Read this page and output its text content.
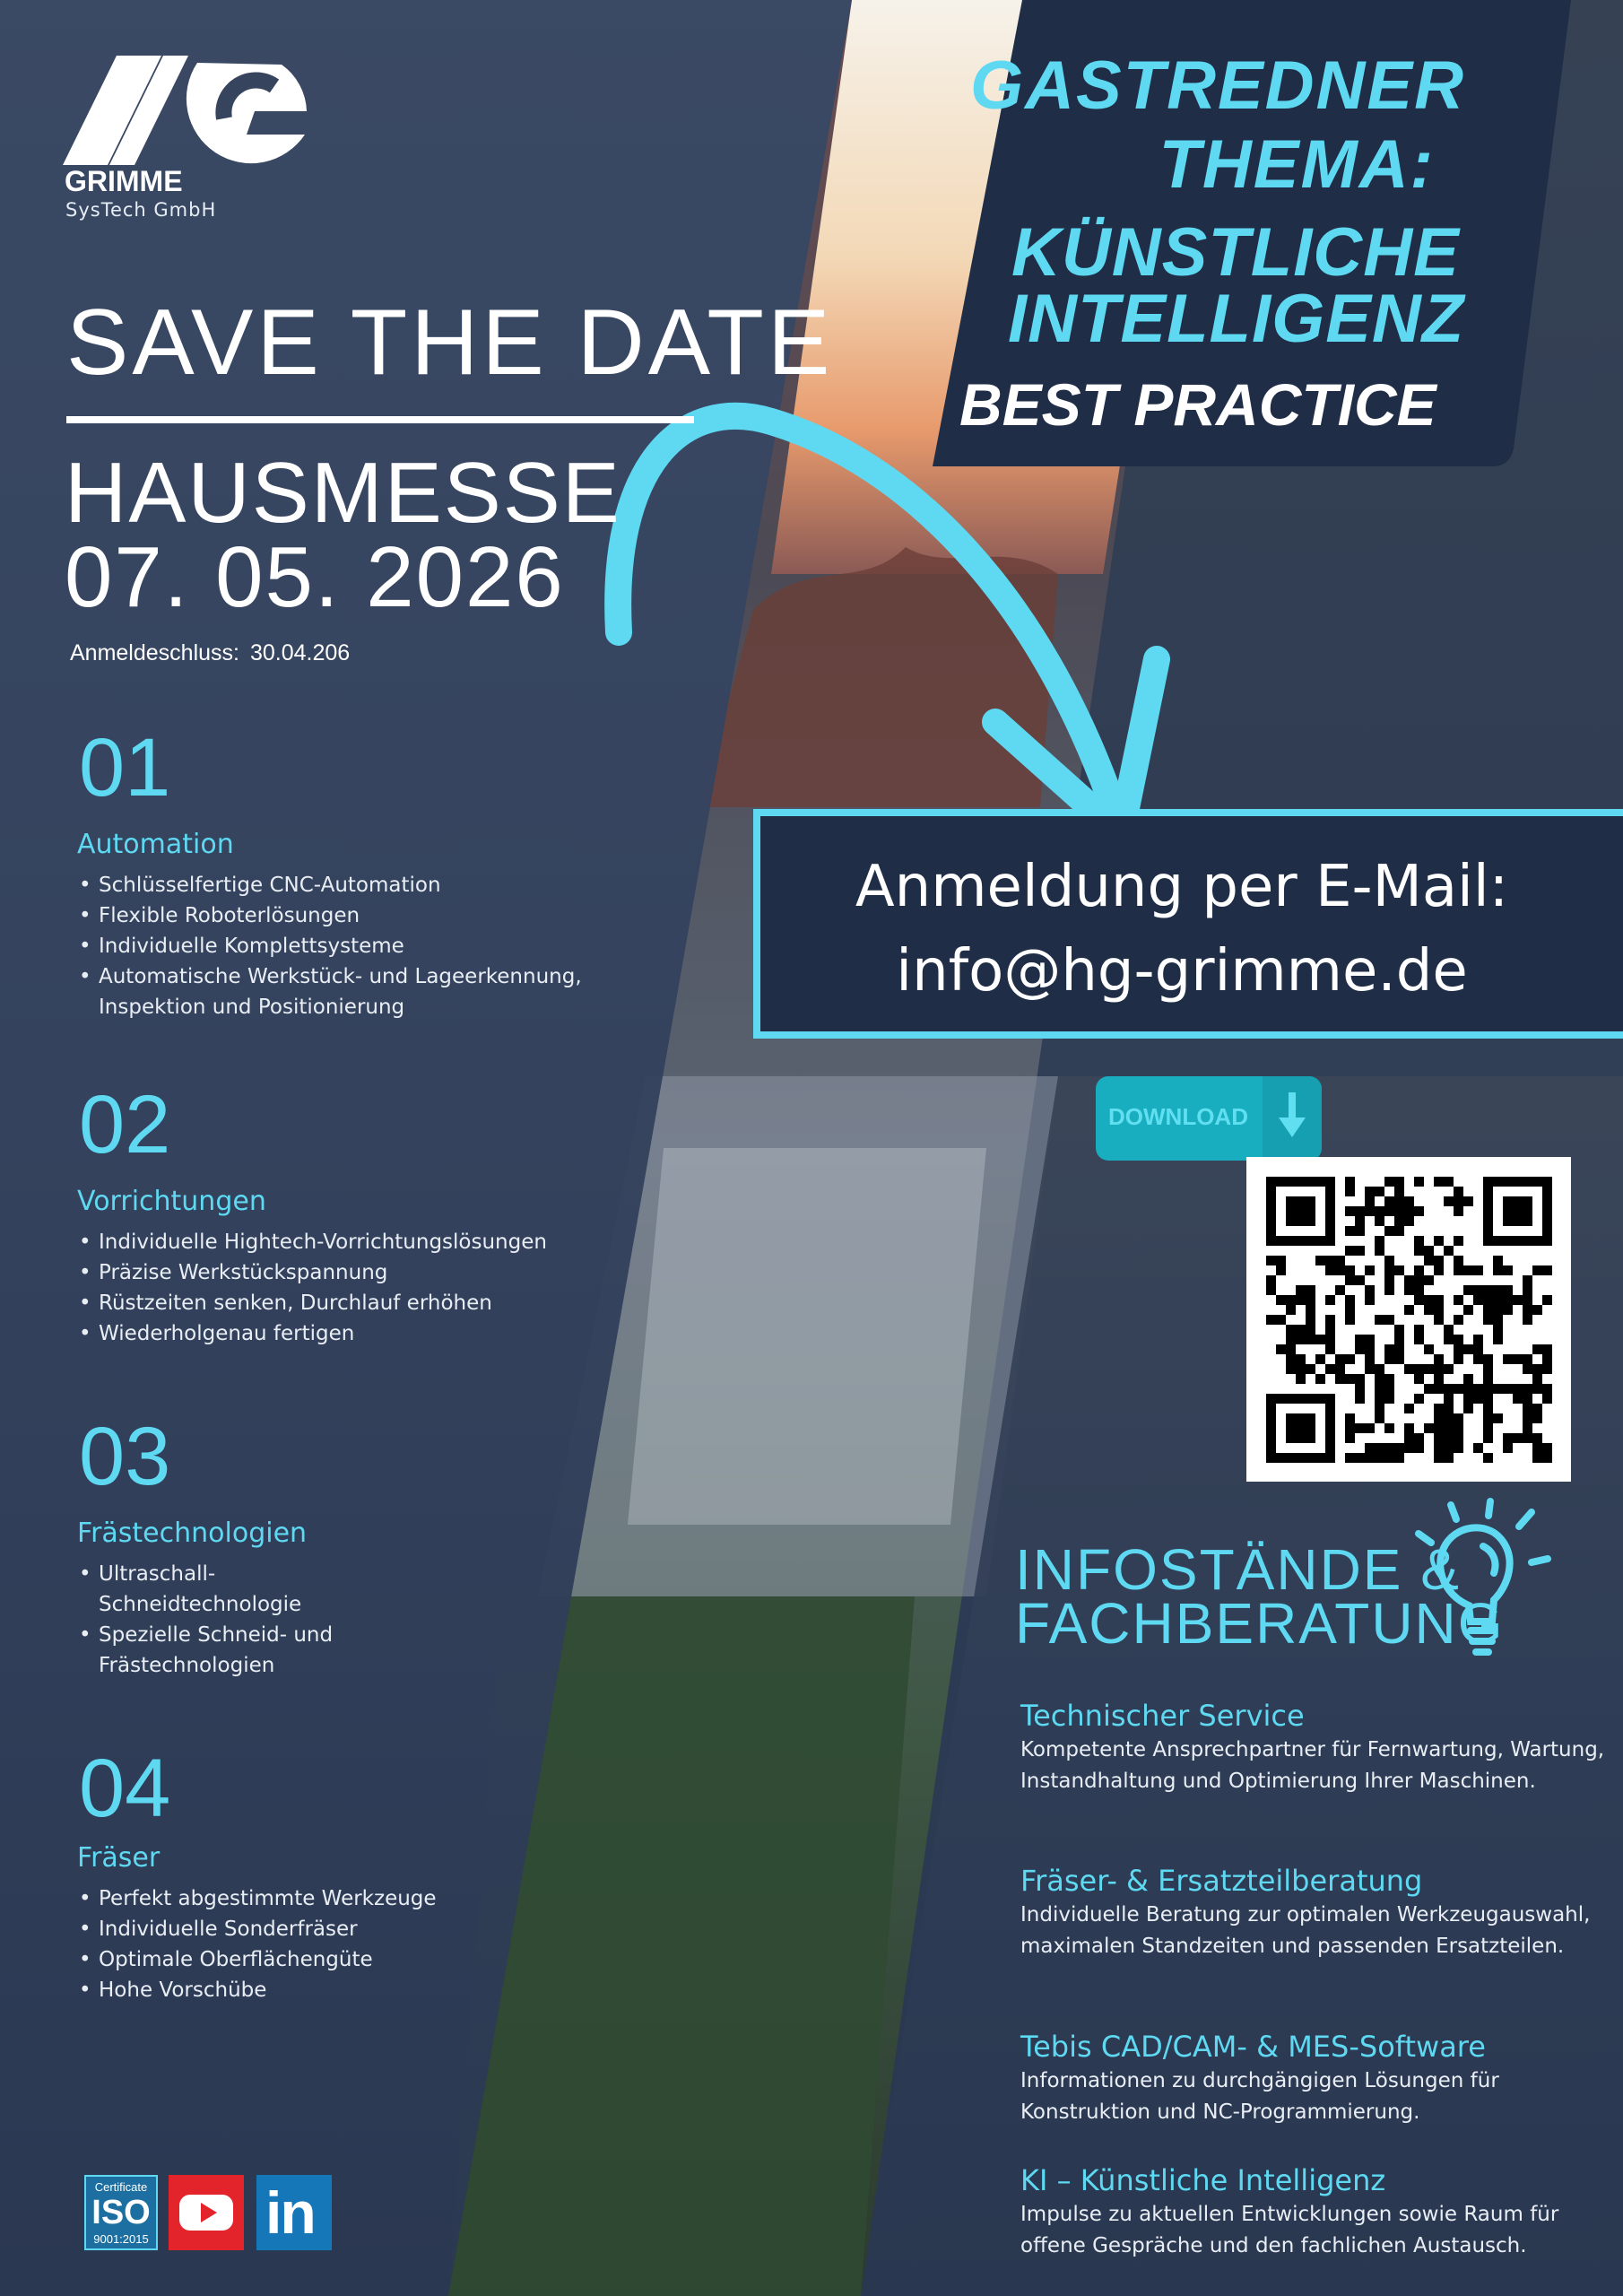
GRIMME
SysTech GmbH
SAVE THE DATE
HAUSMESSE
07. 05. 2026
Anmeldeschluss: 30.04.206
01
Automation
• Schlüsselfertige CNC-Automation
• Flexible Roboterlösungen
• Individuelle Komplettsysteme
• Automatische Werkstück- und Lageerkennung, Inspektion und Positionierung
02
Vorrichtungen
• Individuelle Hightech-Vorrichtungslösungen
• Präzise Werkstückspannung
• Rüstzeiten senken, Durchlauf erhöhen
• Wiederholgenau fertigen
03
Frästechnologien
• Ultraschall-Schneidtechnologie
• Spezielle Schneid- und Frästechnologien
04
Fräser
• Perfekt abgestimmte Werkzeuge
• Individuelle Sonderfräser
• Optimale Oberflächengüte
• Hohe Vorschübe
GASTREDNER
THEMA:
KÜNSTLICHE
INTELLIGENZ
BEST PRACTICE
Anmeldung per E-Mail:
info@hg-grimme.de
DOWNLOAD
INFOSTÄNDE &
FACHBERATUNG
Technischer Service
Kompetente Ansprechpartner für Fernwartung, Wartung, Instandhaltung und Optimierung Ihrer Maschinen.
Fräser- & Ersatzteilberatung
Individuelle Beratung zur optimalen Werkzeugauswahl, maximalen Standzeiten und passenden Ersatzteilen.
Tebis CAD/CAM- & MES-Software
Informationen zu durchgängigen Lösungen für Konstruktion und NC-Programmierung.
KI – Künstliche Intelligenz
Impulse zu aktuellen Entwicklungen sowie Raum für offene Gespräche und den fachlichen Austausch.
Certificate
ISO
9001:2015 in
